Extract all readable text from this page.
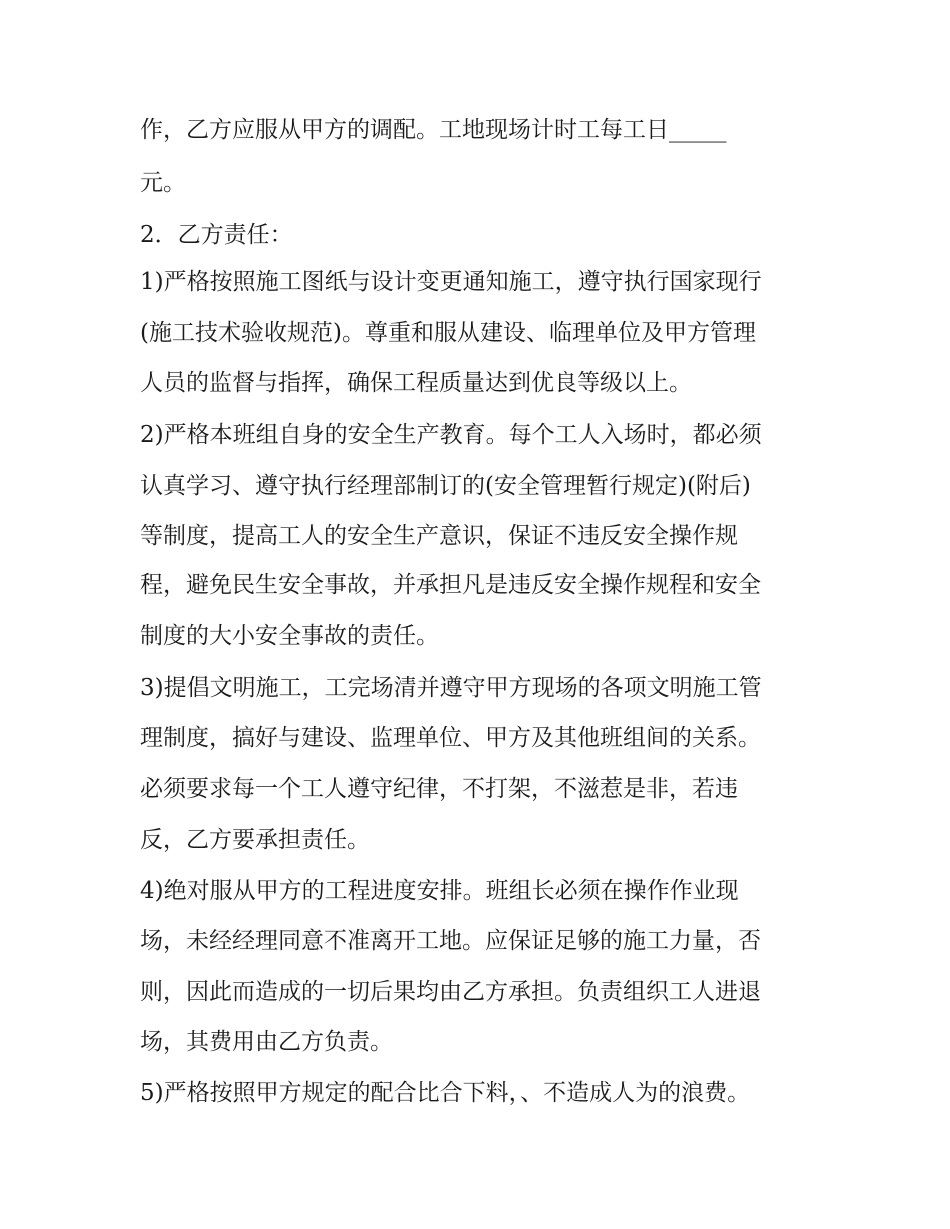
作，乙方应服从甲方的调配。工地现场计时工每工日_____
元。
2．乙方责任：
1)严格按照施工图纸与设计变更通知施工，遵守执行国家现行
(施工技术验收规范)。尊重和服从建设、临理单位及甲方管理
人员的监督与指挥，确保工程质量达到优良等级以上。
2)严格本班组自身的安全生产教育。每个工人入场时，都必须
认真学习、遵守执行经理部制订的(安全管理暂行规定)(附后)
等制度，提高工人的安全生产意识，保证不违反安全操作规
程，避免民生安全事故，并承担凡是违反安全操作规程和安全
制度的大小安全事故的责任。
3)提倡文明施工，工完场清并遵守甲方现场的各项文明施工管
理制度，搞好与建设、监理单位、甲方及其他班组间的关系。
必须要求每一个工人遵守纪律，不打架，不滋惹是非，若违
反，乙方要承担责任。
4)绝对服从甲方的工程进度安排。班组长必须在操作作业现
场，未经经理同意不准离开工地。应保证足够的施工力量，否
则，因此而造成的一切后果均由乙方承担。负责组织工人进退
场，其费用由乙方负责。
5)严格按照甲方规定的配合比合下料，、不造成人为的浪费。
